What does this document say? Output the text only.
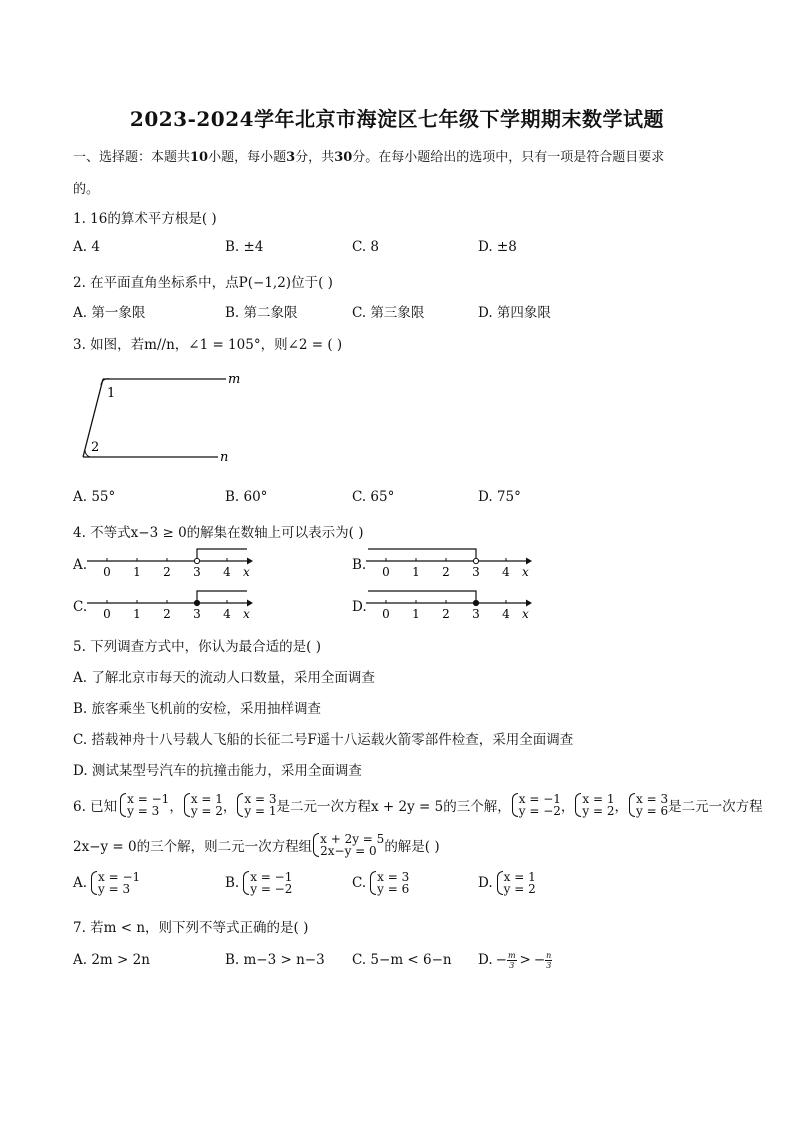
2023-2024学年北京市海淀区七年级下学期期末数学试题
一、选择题：本题共10小题，每小题3分，共30分。在每小题给出的选项中，只有一项是符合题目要求
的。
1. 16的算术平方根是( )
A. 4	B. ±4	C. 8	D. ±8
2. 在平面直角坐标系中，点P(−1,2)位于( )
A. 第一象限	B. 第二象限	C. 第三象限	D. 第四象限
3. 如图，若m//n，∠1 = 105°，则∠2 = ( )
m
n
1
2
A. 55°	B. 60°	C. 65°	D. 75°
4. 不等式x−3 ≥ 0的解集在数轴上可以表示为( )
A. 0 1 2 3 4 x	B. 0 1 2 3 4 x
C. 0 1 2 3 4 x	D. 0 1 2 3 4 x
5. 下列调查方式中，你认为最合适的是( )
A. 了解北京市每天的流动人口数量，采用全面调查
B. 旅客乘坐飞机前的安检，采用抽样调查
C. 搭载神舟十八号载人飞船的长征二号F遥十八运载火箭零部件检查，采用全面调查
D. 测试某型号汽车的抗撞击能力，采用全面调查
6. 已知 x = −1
y = 3 ， x = 1
y = 2 ， x = 3
y = 1 是二元一次方程x + 2y = 5的三个解， x = −1
y = −2 ， x = 1
y = 2 ， x = 3
y = 6 是二元一次方程
2x−y = 0的三个解，则二元一次方程组 x + 2y = 5
2x−y = 0 的解是( )
A. x = −1
y = 3	B. x = −1
y = −2	C. x = 3
y = 6	D. x = 1
y = 2
7. 若m < n，则下列不等式正确的是( )
A. 2m > 2n	B. m−3 > n−3 C. 5−m < 6−n D. − $\frac{m}{3}$ > − $\frac{n}{3}$
